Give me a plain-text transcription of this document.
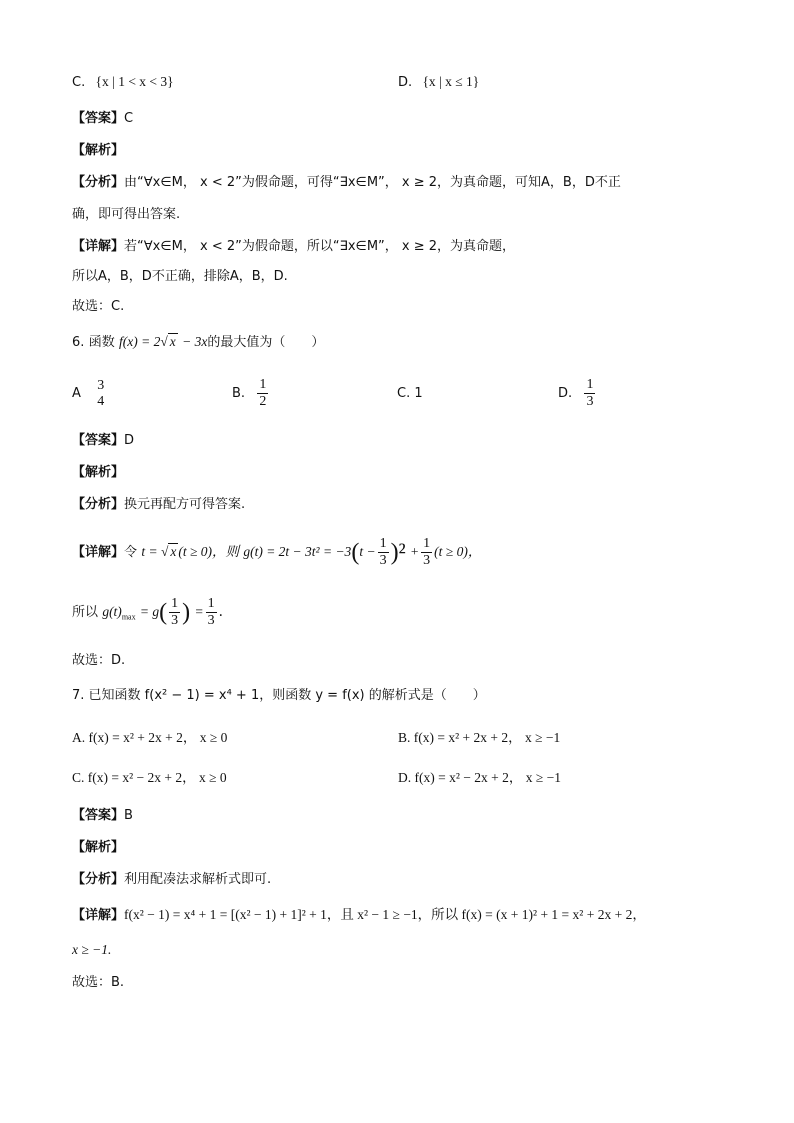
C. {x | 1 < x < 3}	D. {x | x ≤ 1}
【答案】C
【解析】
【分析】由“∀x∈M， x < 2”为假命题，可得“∃x∈M”， x ≥ 2，为真命题，可知A，B，D不正
确，即可得出答案.
【详解】若“∀x∈M， x < 2”为假命题，所以“∃x∈M”， x ≥ 2，为真命题，
所以A，B，D不正确，排除A，B，D.
故选：C.
6. 函数 f(x) = 2√ x − 3x的最大值为（　　）
A
3
4	B. $\frac{1}{2}$	C. 1	D. $\frac{1}{3}$
【答案】D
【解析】
【分析】换元再配方可得答案.
【详解】令 t = √ x (t ≥ 0)，则 $g(t) = 2t - 3t^2 = -3(t - \frac{1}{3} )^2 + \frac{1}{3} (t \ge 0)$，
所以 $g(t)_{max} = g( \frac{1}{3}$ ) = $\frac{1}{3}$ .
故选：D.
7. 已知函数 f(x² − 1) = x⁴ + 1，则函数 y = f(x) 的解析式是（　　）
A. f(x) = x² + 2x + 2， x ≥ 0	B. f(x) = x² + 2x + 2， x ≥ −1
C. f(x) = x² − 2x + 2， x ≥ 0	D. f(x) = x² − 2x + 2， x ≥ −1
【答案】B
【解析】
【分析】利用配凑法求解析式即可.
【详解】f(x² − 1) = x⁴ + 1 = [(x² − 1) + 1]² + 1，且 x² − 1 ≥ −1，所以 f(x) = (x + 1)² + 1 = x² + 2x + 2，
x ≥ −1.
故选：B.
